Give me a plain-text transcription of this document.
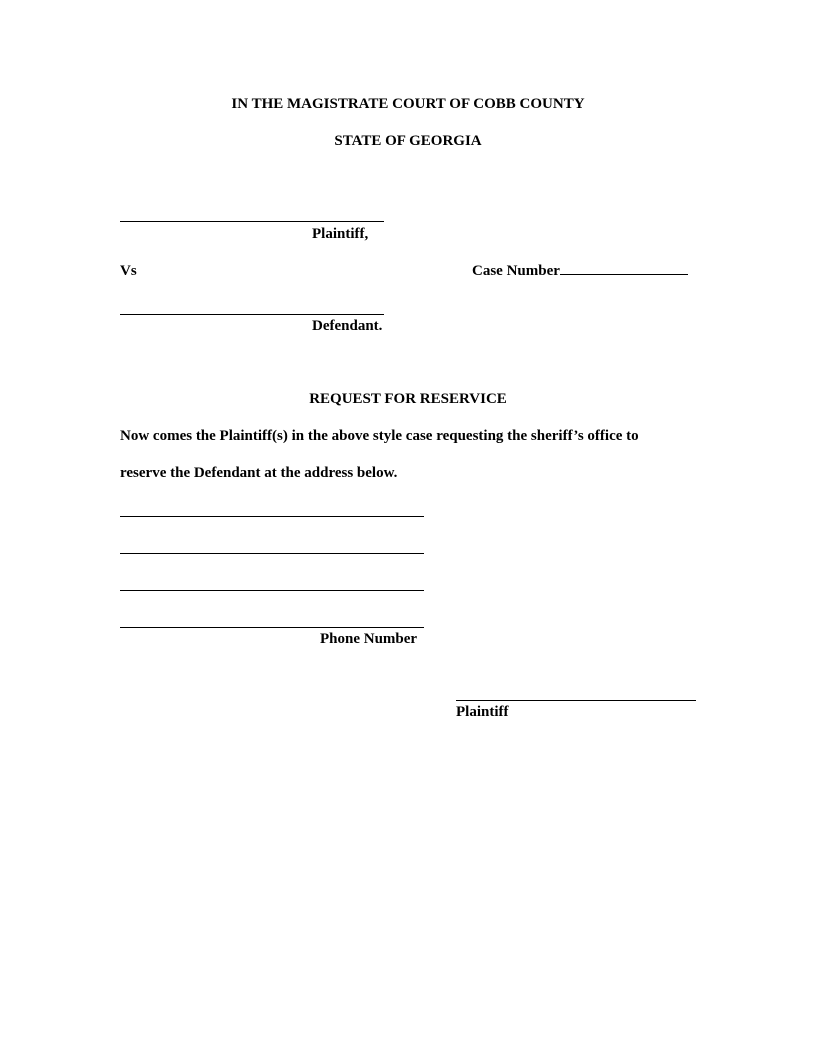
IN THE MAGISTRATE COURT OF COBB COUNTY
STATE OF GEORGIA
Plaintiff,
Vs	Case Number
Defendant.
REQUEST FOR RESERVICE
Now comes the Plaintiff(s) in the above style case requesting the sheriff’s office to
reserve the Defendant at the address below.
Phone Number
Plaintiff
